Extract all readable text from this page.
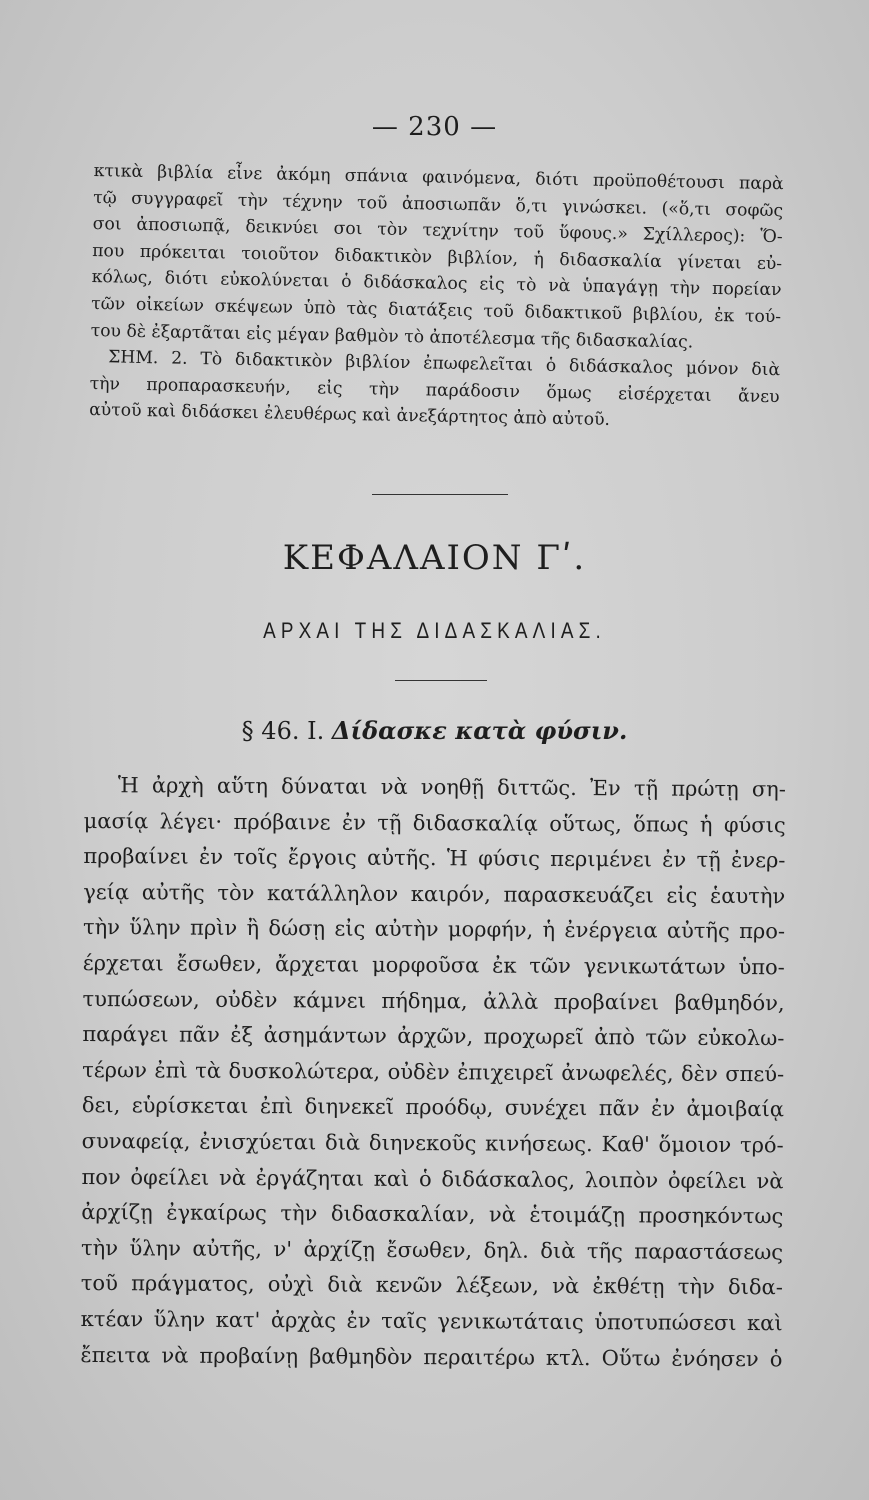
— 230 —
κτικὰ βιβλία εἶνε ἀκόμη σπάνια φαινόμενα, διότι προϋποθέτουσι παρὰ
τῷ συγγραφεῖ τὴν τέχνην τοῦ ἀποσιωπᾶν ὅ,τι γινώσκει. («ὅ,τι σοφῶς
σοι ἀποσιωπᾷ, δεικνύει σοι τὸν τεχνίτην τοῦ ὕφους.» Σχίλλερος): Ὅ-
που πρόκειται τοιοῦτον διδακτικὸν βιβλίον, ἡ διδασκαλία γίνεται εὐ-
κόλως, διότι εὐκολύνεται ὁ διδάσκαλος εἰς τὸ νὰ ὑπαγάγῃ τὴν πορείαν
τῶν οἰκείων σκέψεων ὑπὸ τὰς διατάξεις τοῦ διδακτικοῦ βιβλίου, ἐκ τού-
του δὲ ἐξαρτᾶται εἰς μέγαν βαθμὸν τὸ ἀποτέλεσμα τῆς διδασκαλίας.
ΣΗΜ. 2. Τὸ διδακτικὸν βιβλίον ἐπωφελεῖται ὁ διδάσκαλος μόνον διὰ
τὴν προπαρασκευήν, εἰς τὴν παράδοσιν ὅμως εἰσέρχεται ἄνευ
αὐτοῦ καὶ διδάσκει ἐλευθέρως καὶ ἀνεξάρτητος ἀπὸ αὐτοῦ.
ΚΕΦΑΛΑΙΟΝ Γʹ.
ΑΡΧΑΙ ΤΗΣ ΔΙΔΑΣΚΑΛΙΑΣ.
§ 46. I. Δίδασκε κατὰ φύσιν.
Ἡ ἀρχὴ αὕτη δύναται νὰ νοηθῇ διττῶς. Ἐν τῇ πρώτῃ ση-
μασίᾳ λέγει· πρόβαινε ἐν τῇ διδασκαλίᾳ οὕτως, ὅπως ἡ φύσις
προβαίνει ἐν τοῖς ἔργοις αὐτῆς. Ἡ φύσις περιμένει ἐν τῇ ἐνερ-
γείᾳ αὐτῆς τὸν κατάλληλον καιρόν, παρασκευάζει εἰς ἑαυτὴν
τὴν ὕλην πρὶν ἢ δώσῃ εἰς αὐτὴν μορφήν, ἡ ἐνέργεια αὐτῆς προ-
έρχεται ἔσωθεν, ἄρχεται μορφοῦσα ἐκ τῶν γενικωτάτων ὑπο-
τυπώσεων, οὐδὲν κάμνει πήδημα, ἀλλὰ προβαίνει βαθμηδόν,
παράγει πᾶν ἐξ ἀσημάντων ἀρχῶν, προχωρεῖ ἀπὸ τῶν εὐκολω-
τέρων ἐπὶ τὰ δυσκολώτερα, οὐδὲν ἐπιχειρεῖ ἀνωφελές, δὲν σπεύ-
δει, εὑρίσκεται ἐπὶ διηνεκεῖ προόδῳ, συνέχει πᾶν ἐν ἀμοιβαίᾳ
συναφείᾳ, ἐνισχύεται διὰ διηνεκοῦς κινήσεως. Καθ' ὅμοιον τρό-
πον ὀφείλει νὰ ἐργάζηται καὶ ὁ διδάσκαλος, λοιπὸν ὀφείλει νὰ
ἀρχίζῃ ἐγκαίρως τὴν διδασκαλίαν, νὰ ἑτοιμάζῃ προσηκόντως
τὴν ὕλην αὐτῆς, ν' ἀρχίζῃ ἔσωθεν, δηλ. διὰ τῆς παραστάσεως
τοῦ πράγματος, οὐχὶ διὰ κενῶν λέξεων, νὰ ἐκθέτῃ τὴν διδα-
κτέαν ὕλην κατ' ἀρχὰς ἐν ταῖς γενικωτάταις ὑποτυπώσεσι καὶ
ἔπειτα νὰ προβαίνῃ βαθμηδὸν περαιτέρω κτλ. Οὕτω ἐνόησεν ὁ
